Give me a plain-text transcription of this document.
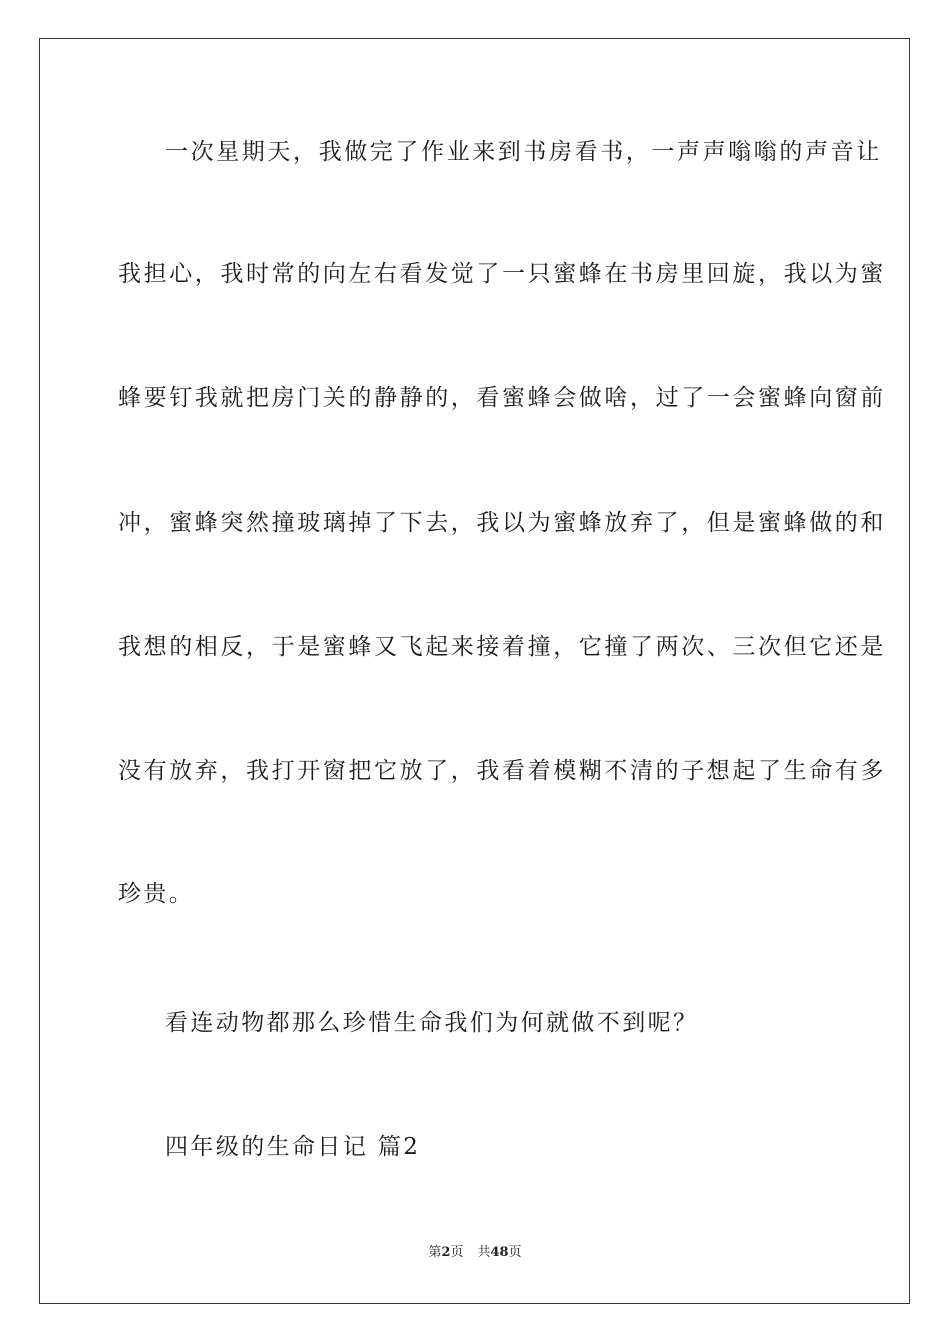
一次星期天，我做完了作业来到书房看书，一声声嗡嗡的声音让
我担心，我时常的向左右看发觉了一只蜜蜂在书房里回旋，我以为蜜
蜂要钉我就把房门关的静静的，看蜜蜂会做啥，过了一会蜜蜂向窗前
冲，蜜蜂突然撞玻璃掉了下去，我以为蜜蜂放弃了，但是蜜蜂做的和
我想的相反，于是蜜蜂又飞起来接着撞，它撞了两次、三次但它还是
没有放弃，我打开窗把它放了，我看着模糊不清的子想起了生命有多
珍贵。
看连动物都那么珍惜生命我们为何就做不到呢？
四年级的生命日记 篇2
第2页 共48页
